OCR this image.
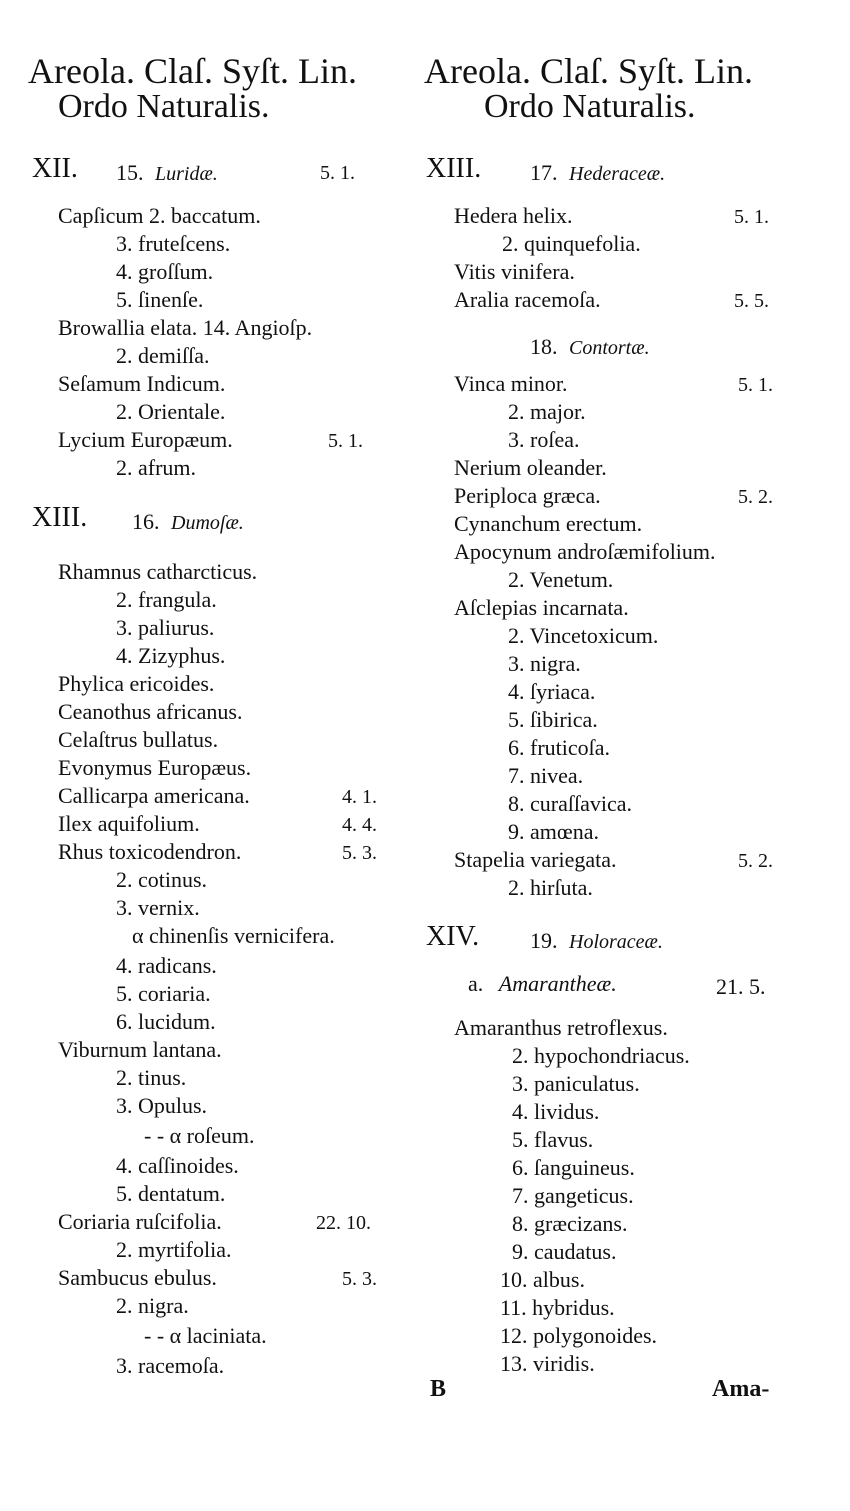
Areola. Claſ. Syſt. Lin.
Ordo Naturalis.
XII. 15. Luridæ.	5. 1.
Capſicum 2. baccatum.
3. fruteſcens.
4. groſſum.
5. ſinenſe.
Browallia elata. 14. Angioſp.
2. demiſſa.
Seſamum Indicum.
2. Orientale.
Lycium Europæum.	5. 1.
2. afrum.
XIII. 16. Dumoſæ.
Rhamnus catharcticus.
2. frangula.
3. paliurus.
4. Zizyphus.
Phylica ericoides.
Ceanothus africanus.
Celaſtrus bullatus.
Evonymus Europæus.
Callicarpa americana.	4. 1.
Ilex aquifolium.	4. 4.
Rhus toxicodendron.	5. 3.
2. cotinus.
3. vernix.
α chinenſis vernicifera.
4. radicans.
5. coriaria.
6. lucidum.
Viburnum lantana.
2. tinus.
3. Opulus.
- - α roſeum.
4. caſſinoides.
5. dentatum.
Coriaria ruſcifolia.	22. 10.
2. myrtifolia.
Sambucus ebulus.	5. 3.
2. nigra.
- - α laciniata.
3. racemoſa.
Areola. Claſ. Syſt. Lin.
Ordo Naturalis.
XIII. 17. Hederaceæ.
Hedera helix.	5. 1.
2. quinquefolia.
Vitis vinifera.
Aralia racemoſa.	5. 5.
18. Contortæ.
Vinca minor.	5. 1.
2. major.
3. roſea.
Nerium oleander.
Periploca græca.	5. 2.
Cynanchum erectum.
Apocynum androſæmifolium.
2. Venetum.
Aſclepias incarnata.
2. Vincetoxicum.
3. nigra.
4. ſyriaca.
5. ſibirica.
6. fruticoſa.
7. nivea.
8. curaſſavica.
9. amœna.
Stapelia variegata.	5. 2.
2. hirſuta.
XIV. 19. Holoraceæ.
a. Amarantheæ.	21. 5.
Amaranthus retroflexus.
2. hypochondriacus.
3. paniculatus.
4. lividus.
5. flavus.
6. ſanguineus.
7. gangeticus.
8. græcizans.
9. caudatus.
10. albus.
11. hybridus.
12. polygonoides.
13. viridis.
B	Ama-
